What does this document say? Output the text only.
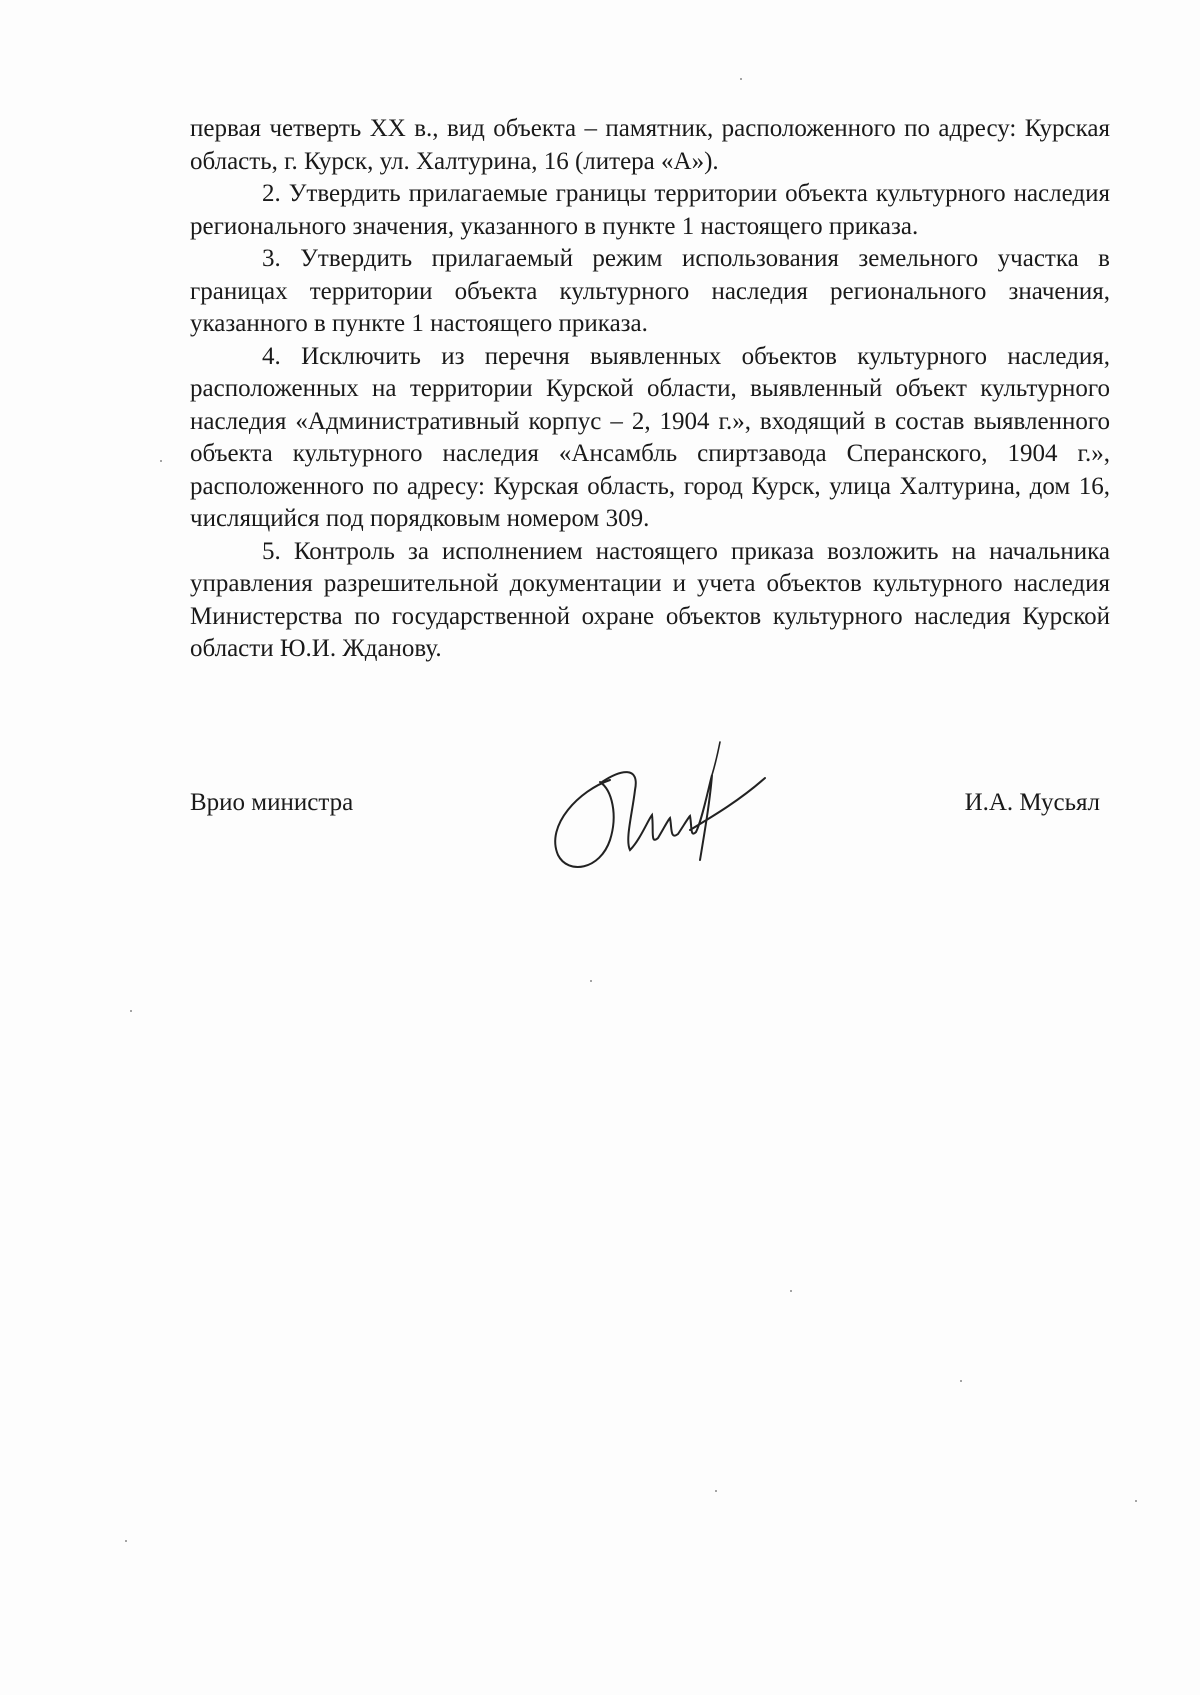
первая четверть XX в., вид объекта – памятник, расположенного по адресу: Курская область, г. Курск, ул. Халтурина, 16 (литера «А»).

2. Утвердить прилагаемые границы территории объекта культурного наследия регионального значения, указанного в пункте 1 настоящего приказа.

3. Утвердить прилагаемый режим использования земельного участка в границах территории объекта культурного наследия регионального значения, указанного в пункте 1 настоящего приказа.

4. Исключить из перечня выявленных объектов культурного наследия, расположенных на территории Курской области, выявленный объект культурного наследия «Административный корпус – 2, 1904 г.», входящий в состав выявленного объекта культурного наследия «Ансамбль спиртзавода Сперанского, 1904 г.», расположенного по адресу: Курская область, город Курск, улица Халтурина, дом 16, числящийся под порядковым номером 309.

5. Контроль за исполнением настоящего приказа возложить на начальника управления разрешительной документации и учета объектов культурного наследия Министерства по государственной охране объектов культурного наследия Курской области Ю.И. Жданову.

Врио министра	И.А. Мусьял
